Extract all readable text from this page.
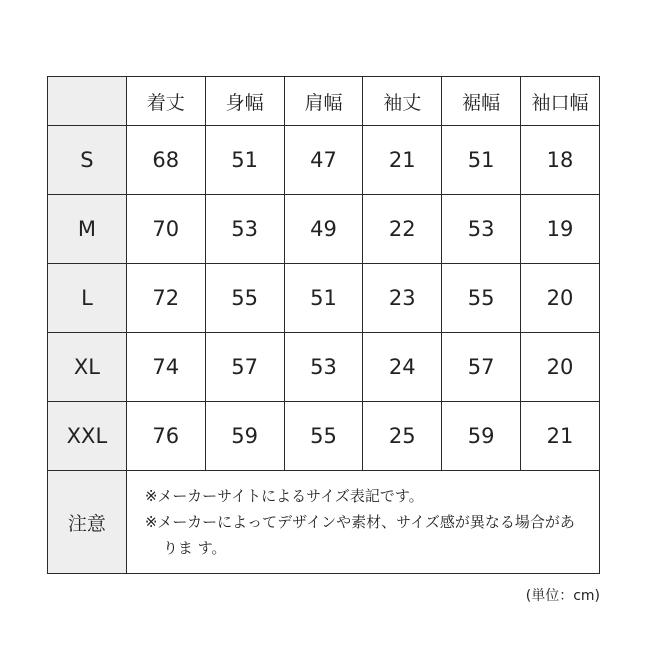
	着丈	身幅	肩幅	袖丈	裾幅	袖口幅
S	68	51	47	21	51	18
M	70	53	49	22	53	19
L	72	55	51	23	55	20
XL	74	57	53	24	57	20
XXL	76	59	55	25	59	21
注意	※メーカーサイトによるサイズ表記です。
※メーカーによってデザインや素材、サイズ感が異なる場合がありま す。					
(単位：cm)
